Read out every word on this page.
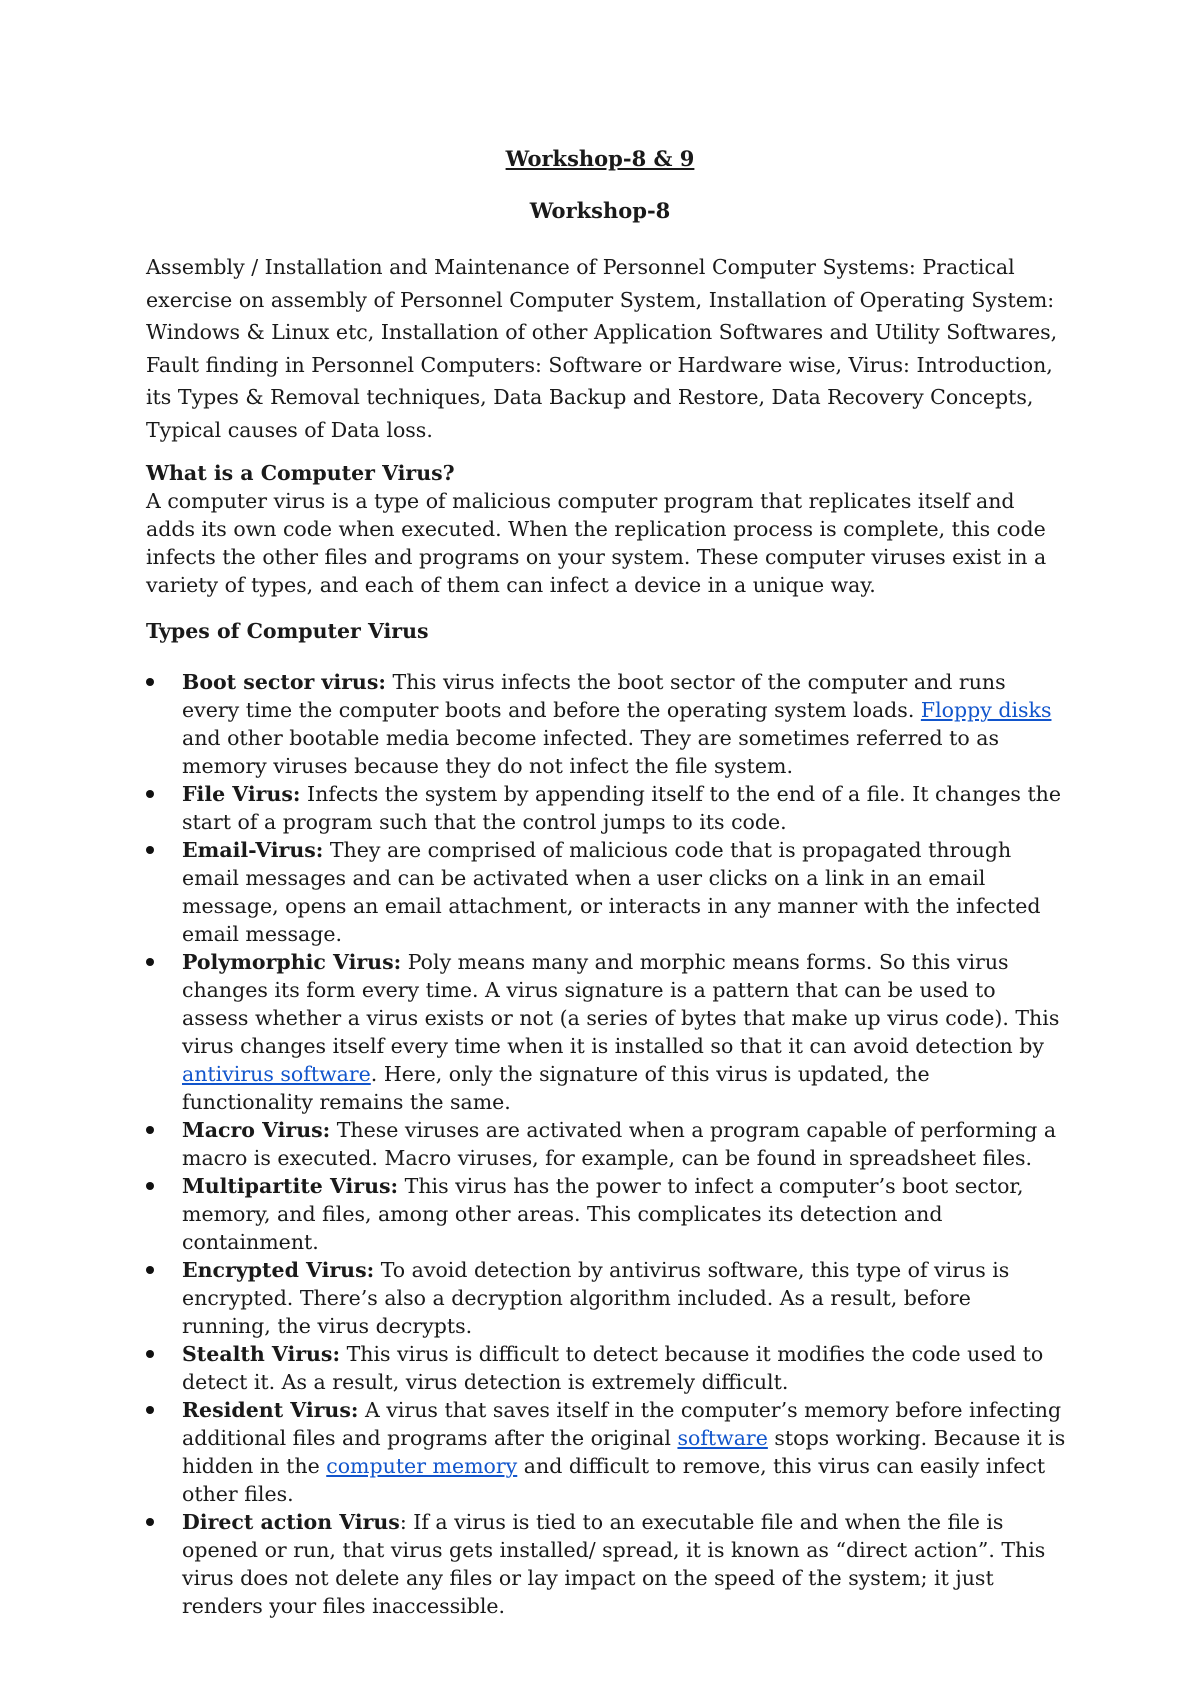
Workshop-8 & 9
Workshop-8

Assembly / Installation and Maintenance of Personnel Computer Systems: Practical exercise on assembly of Personnel Computer System, Installation of Operating System: Windows & Linux etc, Installation of other Application Softwares and Utility Softwares, Fault finding in Personnel Computers: Software or Hardware wise, Virus: Introduction, its Types & Removal techniques, Data Backup and Restore, Data Recovery Concepts, Typical causes of Data loss.

What is a Computer Virus?

A computer virus is a type of malicious computer program that replicates itself and adds its own code when executed. When the replication process is complete, this code infects the other files and programs on your system. These computer viruses exist in a variety of types, and each of them can infect a device in a unique way.

Types of Computer Virus
Boot sector virus: This virus infects the boot sector of the computer and runs every time the computer boots and before the operating system loads. Floppy disks and other bootable media become infected. They are sometimes referred to as memory viruses because they do not infect the file system.
File Virus: Infects the system by appending itself to the end of a file. It changes the start of a program such that the control jumps to its code.
Email-Virus: They are comprised of malicious code that is propagated through email messages and can be activated when a user clicks on a link in an email message, opens an email attachment, or interacts in any manner with the infected email message.
Polymorphic Virus: Poly means many and morphic means forms. So this virus changes its form every time. A virus signature is a pattern that can be used to assess whether a virus exists or not (a series of bytes that make up virus code). This virus changes itself every time when it is installed so that it can avoid detection by antivirus software. Here, only the signature of this virus is updated, the functionality remains the same.
Macro Virus: These viruses are activated when a program capable of performing a macro is executed. Macro viruses, for example, can be found in spreadsheet files.
Multipartite Virus: This virus has the power to infect a computer’s boot sector, memory, and files, among other areas. This complicates its detection and containment.
Encrypted Virus: To avoid detection by antivirus software, this type of virus is encrypted. There’s also a decryption algorithm included. As a result, before running, the virus decrypts.
Stealth Virus: This virus is difficult to detect because it modifies the code used to detect it. As a result, virus detection is extremely difficult.
Resident Virus: A virus that saves itself in the computer’s memory before infecting additional files and programs after the original software stops working. Because it is hidden in the computer memory and difficult to remove, this virus can easily infect other files.
Direct action Virus: If a virus is tied to an executable file and when the file is opened or run, that virus gets installed/ spread, it is known as “direct action”. This virus does not delete any files or lay impact on the speed of the system; it just renders your files inaccessible.
